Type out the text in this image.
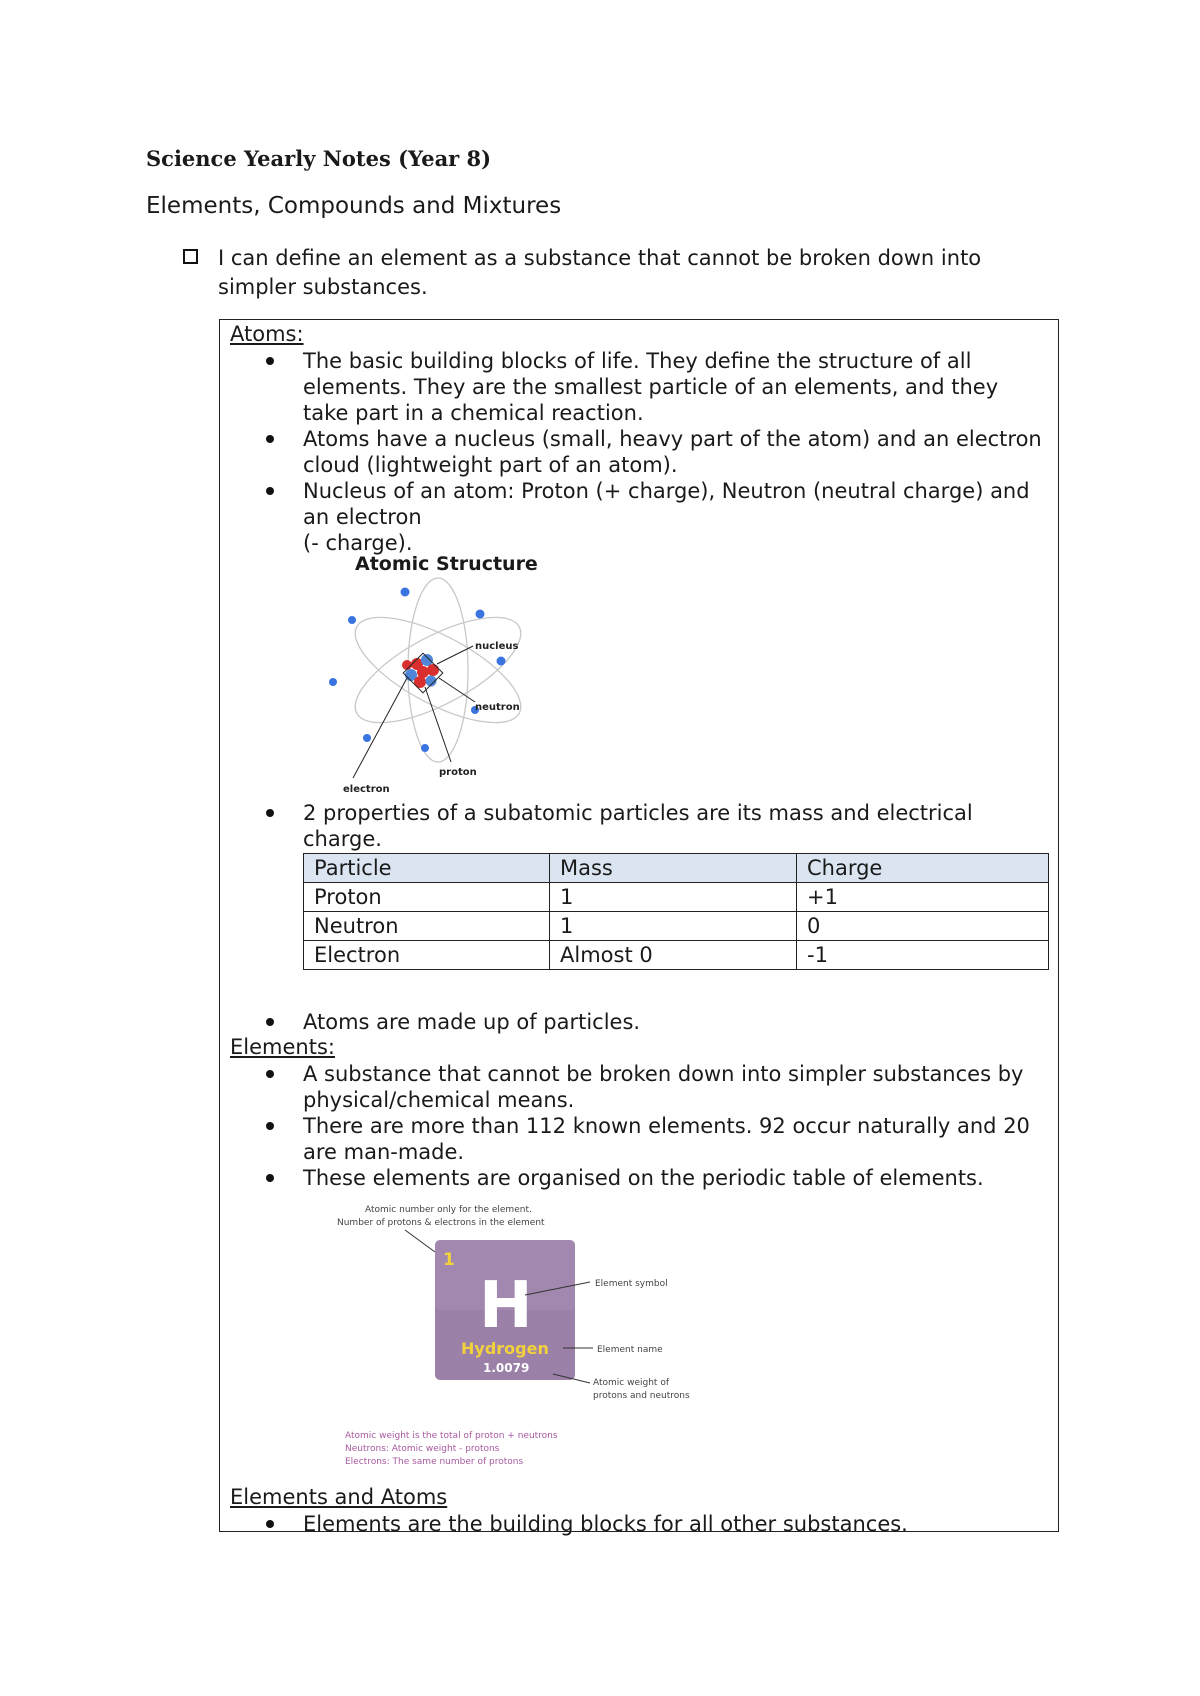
Science Yearly Notes (Year 8)
Elements, Compounds and Mixtures
I can define an element as a substance that cannot be broken down into simpler substances.
Atoms:
The basic building blocks of life. They define the structure of all elements. They are the smallest particle of an elements, and they take part in a chemical reaction.
Atoms have a nucleus (small, heavy part of the atom) and an electron cloud (lightweight part of an atom).
Nucleus of an atom: Proton (+ charge), Neutron (neutral charge) and an electron
(- charge).
Atomic Structure
nucleus
neutron
proton
electron
2 properties of a subatomic particles are its mass and electrical charge.
Particle	Mass	Charge
Proton	1	+1
Neutron	1	0
Electron	Almost 0	-1
Atoms are made up of particles.
Elements:
A substance that cannot be broken down into simpler substances by physical/chemical means.
There are more than 112 known elements. 92 occur naturally and 20 are man-made.
These elements are organised on the periodic table of elements.
Atomic number only for the element.
Number of protons & electrons in the element
1
H
Hydrogen
1.0079
Element symbol
Element name
Atomic weight of
protons and neutrons
Atomic weight is the total of proton + neutrons
Neutrons: Atomic weight - protons
Electrons: The same number of protons
Elements and Atoms
Elements are the building blocks for all other substances.
